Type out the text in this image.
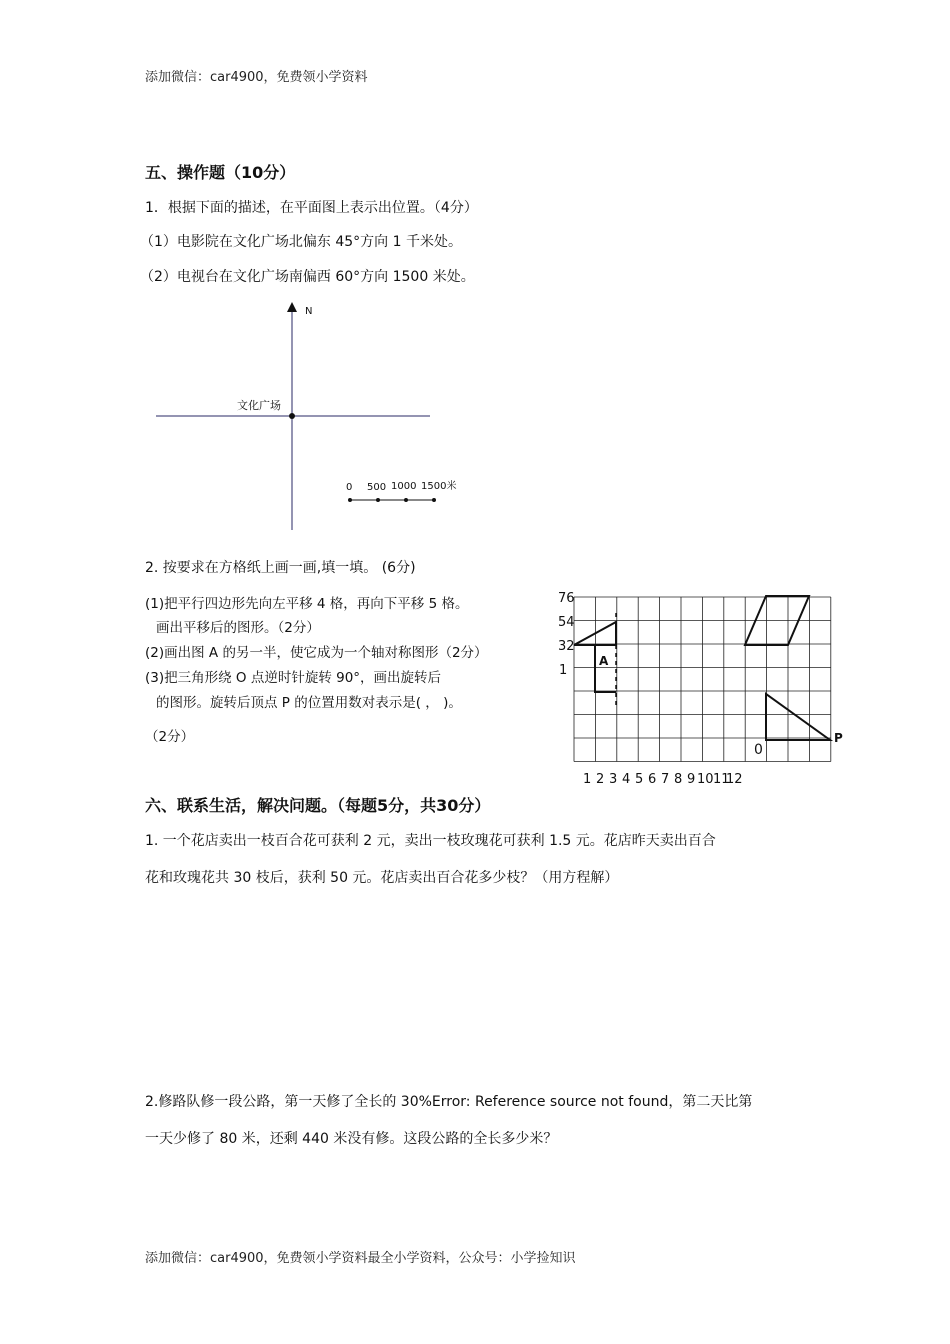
添加微信：car4900，免费领小学资料
五、操作题（10分）
1．根据下面的描述，在平面图上表示出位置。（4分）
（1）电影院在文化广场北偏东 45°方向 1 千米处。
（2）电视台在文化广场南偏西 60°方向 1500 米处。
N
文化广场
0 500 1000 1500米
2. 按要求在方格纸上画一画,填一填。 (6分)
(1)把平行四边形先向左平移 4 格，再向下平移 5 格。
画出平移后的图形。（2分）
(2)画出图 A 的另一半，使它成为一个轴对称图形（2分）
(3)把三角形绕 O 点逆时针旋转 90°，画出旋转后
的图形。旋转后顶点 P 的位置用数对表示是( ， )。
（2分）
A
0
P
76
54
32
1
1 2 3 4 5 6 7 8 9 10 11
12
六、联系生活，解决问题。（每题5分，共30分）
1. 一个花店卖出一枝百合花可获利 2 元，卖出一枝玫瑰花可获利 1.5 元。花店昨天卖出百合
花和玫瑰花共 30 枝后，获利 50 元。花店卖出百合花多少枝？（用方程解）
2.修路队修一段公路，第一天修了全长的 30%Error: Reference source not found，第二天比第
一天少修了 80 米，还剩 440 米没有修。这段公路的全长多少米？
添加微信：car4900，免费领小学资料最全小学资料，公众号：小学捡知识
